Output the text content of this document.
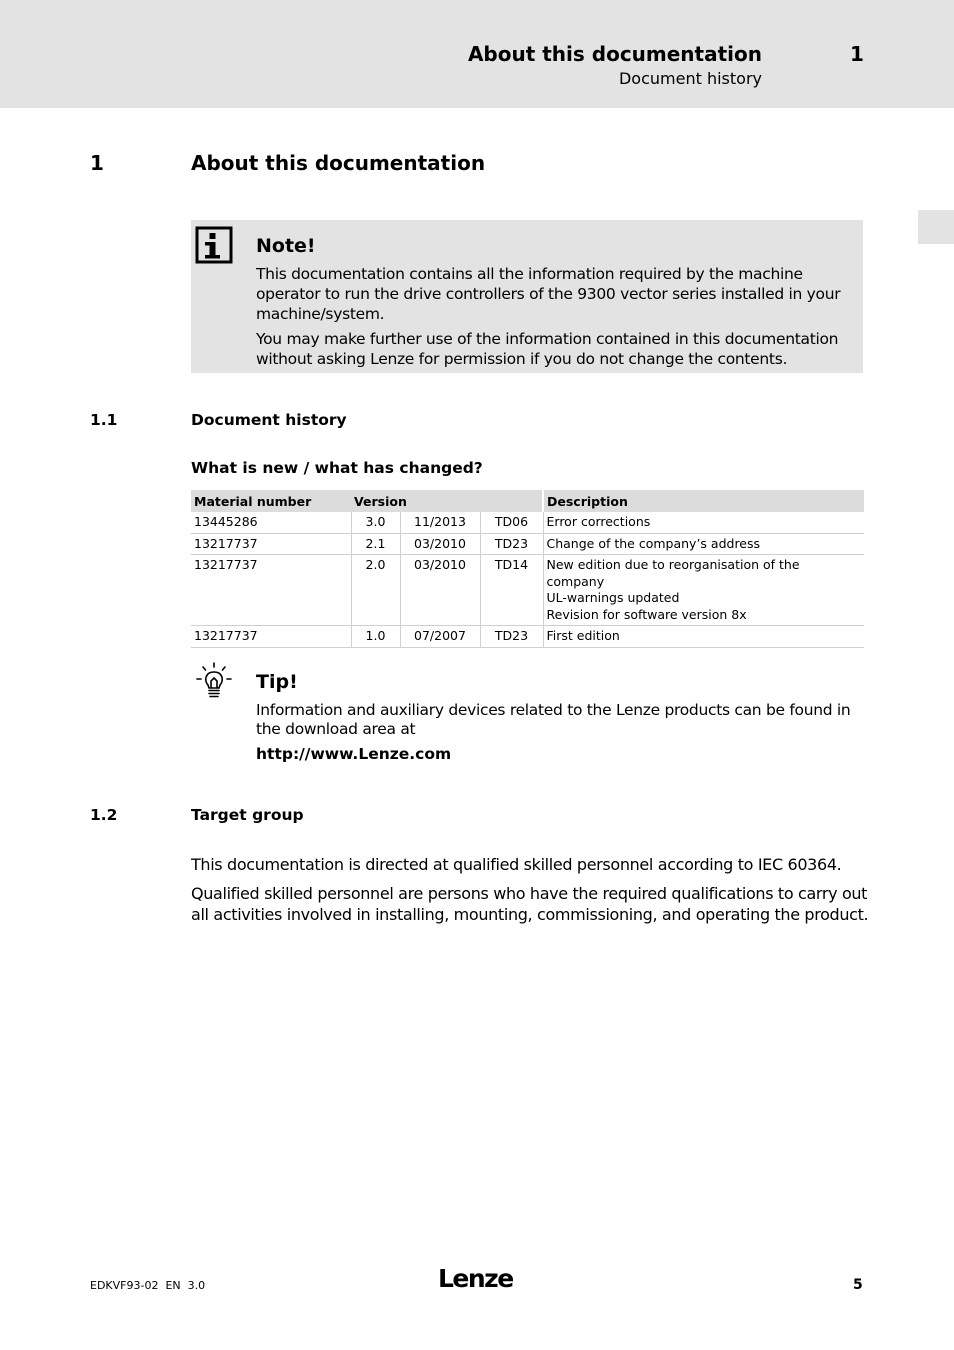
About this documentation
Document history
1
1	About this documentation
Note!
This documentation contains all the information required by the machine operator to run the drive controllers of the 9300 vector series installed in your machine/system.
You may make further use of the information contained in this documentation without asking Lenze for permission if you do not change the contents.
1.1	Document history
What is new / what has changed?
Material number	Version			Description
13445286	3.0	11/2013	TD06	Error corrections

13217737	2.1	03/2010	TD23	Change of the company’s address

13217737	2.0	03/2010	TD14	New edition due to reorganisation of the company
UL-warnings updated
Revision for software version 8x

13217737	1.0	07/2007	TD23	First edition
Tip!
Information and auxiliary devices related to the Lenze products can be found in the download area at
http://www.Lenze.com
1.2	Target group
This documentation is directed at qualified skilled personnel according to IEC 60364.
Qualified skilled personnel are persons who have the required qualifications to carry out all activities involved in installing, mounting, commissioning, and operating the product.
EDKVF93-02  EN  3.0	Lenze	5
